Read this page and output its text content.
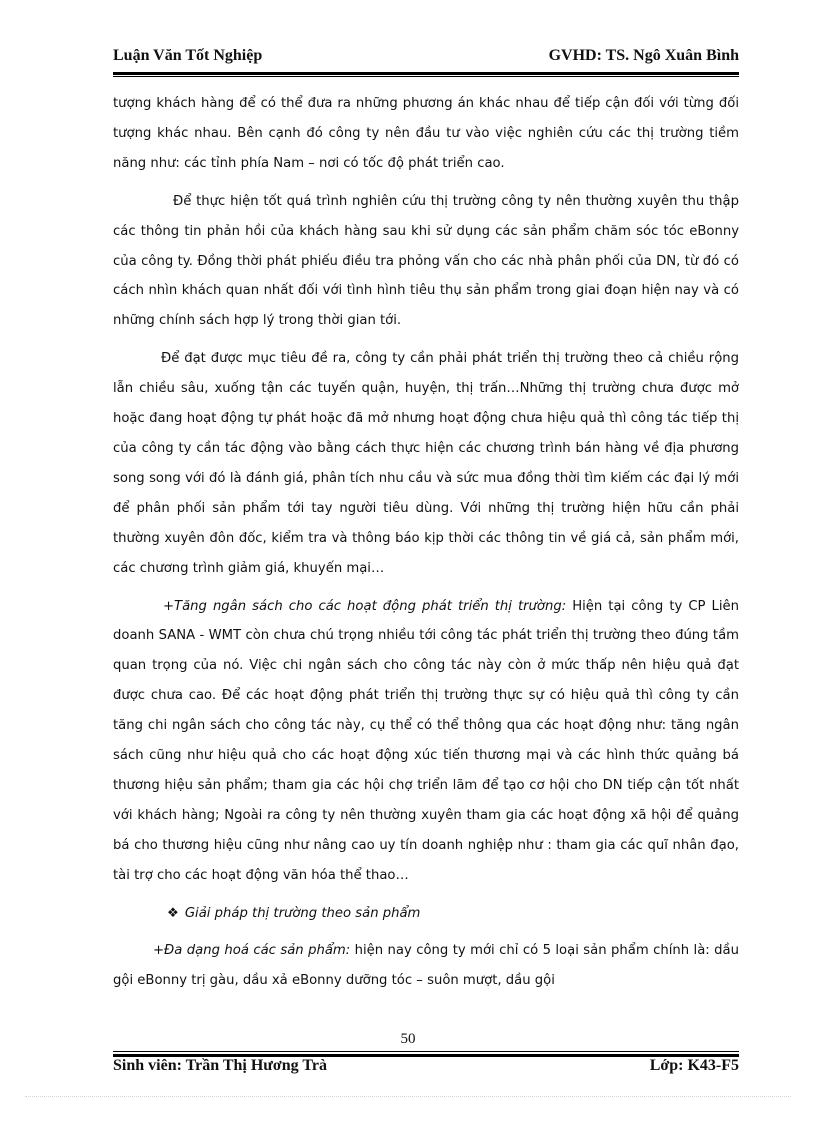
Luận Văn Tốt Nghiệp	GVHD: TS. Ngô Xuân Bình

tượng khách hàng để có thể đưa ra những phương án khác nhau để tiếp cận đối với từng đối tượng khác nhau. Bên cạnh đó công ty nên đầu tư vào việc nghiên cứu các thị trường tiềm năng như: các tỉnh phía Nam – nơi có tốc độ phát triển cao.

Để thực hiện tốt quá trình nghiên cứu thị trường công ty nên thường xuyên thu thập các thông tin phản hồi của khách hàng sau khi sử dụng các sản phẩm chăm sóc tóc eBonny của công ty. Đồng thời phát phiếu điều tra phỏng vấn cho các nhà phân phối của DN, từ đó có cách nhìn khách quan nhất đối với tình hình tiêu thụ sản phẩm trong giai đoạn hiện nay và có những chính sách hợp lý trong thời gian tới.

Để đạt được mục tiêu đề ra, công ty cần phải phát triển thị trường theo cả chiều rộng lẫn chiều sâu, xuống tận các tuyến quận, huyện, thị trấn…Những thị trường chưa được mở hoặc đang hoạt động tự phát hoặc đã mở nhưng hoạt động chưa hiệu quả thì công tác tiếp thị của công ty cần tác động vào bằng cách thực hiện các chương trình bán hàng về địa phương song song với đó là đánh giá, phân tích nhu cầu và sức mua đồng thời tìm kiếm các đại lý mới để phân phối sản phẩm tới tay người tiêu dùng. Với những thị trường hiện hữu cần phải thường xuyên đôn đốc, kiểm tra và thông báo kịp thời các thông tin về giá cả, sản phẩm mới, các chương trình giảm giá, khuyến mại…

+Tăng ngân sách cho các hoạt động phát triển thị trường: Hiện tại công ty CP Liên doanh SANA - WMT còn chưa chú trọng nhiều tới công tác phát triển thị trường theo đúng tầm quan trọng của nó. Việc chi ngân sách cho công tác này còn ở mức thấp nên hiệu quả đạt được chưa cao. Để các hoạt động phát triển thị trường thực sự có hiệu quả thì công ty cần tăng chi ngân sách cho công tác này, cụ thể có thể thông qua các hoạt động như: tăng ngân sách cũng như hiệu quả cho các hoạt động xúc tiến thương mại và các hình thức quảng bá thương hiệu sản phẩm; tham gia các hội chợ triển lãm để tạo cơ hội cho DN tiếp cận tốt nhất với khách hàng; Ngoài ra công ty nên thường xuyên tham gia các hoạt động xã hội để quảng bá cho thương hiệu cũng như nâng cao uy tín doanh nghiệp như : tham gia các quĩ nhân đạo, tài trợ cho các hoạt động văn hóa thể thao…

❖ Giải pháp thị trường theo sản phẩm

+Đa dạng hoá các sản phẩm: hiện nay công ty mới chỉ có 5 loại sản phẩm chính là: dầu gội eBonny trị gàu, dầu xả eBonny dưỡng tóc – suôn mượt, dầu gội

50
Sinh viên: Trần Thị Hương Trà	Lớp: K43-F5
